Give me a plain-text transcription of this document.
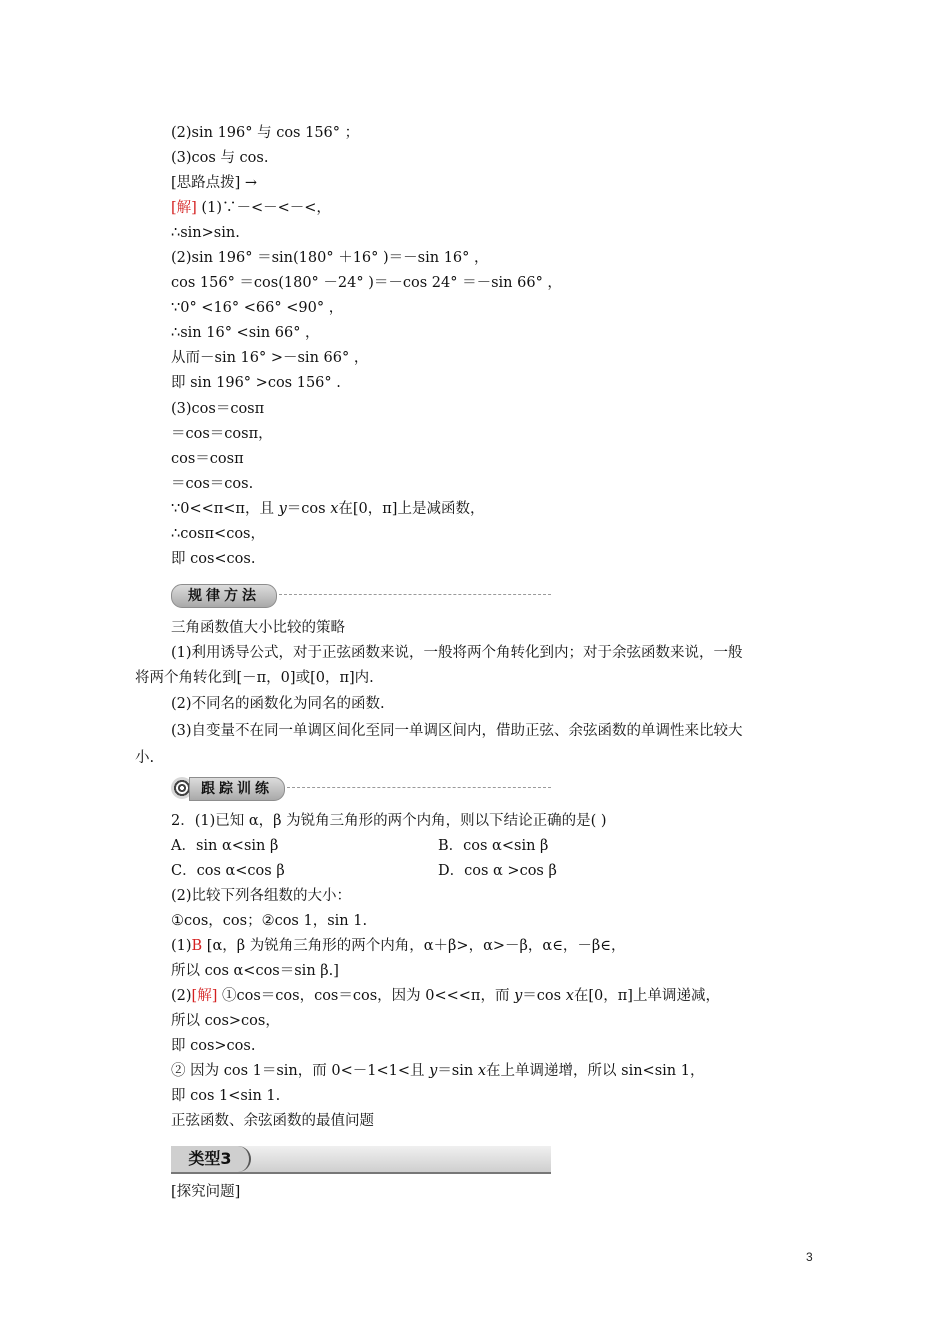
(2)sin 196° 与 cos 156° ；
(3)cos 与 cos.
[思路点拨] →
[解] (1)∵－<－<－<，
∴sin>sin.
(2)sin 196° ＝sin(180° ＋16° )＝－sin 16° ，
cos 156° ＝cos(180° －24° )＝－cos 24° ＝－sin 66° ，
∵0° <16° <66° <90° ，
∴sin 16° <sin 66° ，
从而－sin 16° >－sin 66° ，
即 sin 196° >cos 156° .
(3)cos＝cosπ
＝cos＝cosπ，
cos＝cosπ
＝cos＝cos.
∵0<<π<π，且 y＝cos x在[0，π]上是减函数，
∴cosπ<cos，
即 cos<cos.
规律方法
三角函数值大小比较的策略
(1)利用诱导公式，对于正弦函数来说，一般将两个角转化到内；对于余弦函数来说，一般
将两个角转化到[－π，0]或[0，π]内.
(2)不同名的函数化为同名的函数.
(3)自变量不在同一单调区间化至同一单调区间内，借助正弦、余弦函数的单调性来比较大
小.
跟踪训练
2．(1)已知 α，β 为锐角三角形的两个内角，则以下结论正确的是( )
A．sin α<sin β	B．cos α<sin β
C．cos α<cos β	D．cos α >cos β
(2)比较下列各组数的大小：
①cos，cos；②cos 1，sin 1.
(1)B [α，β 为锐角三角形的两个内角，α＋β>，α>－β，α∈，－β∈，
所以 cos α<cos＝sin β.]
(2)[解] ①cos＝cos，cos＝cos，因为 0<<<π，而 y＝cos x在[0，π]上单调递减，
所以 cos>cos，
即 cos>cos.
② 因为 cos 1＝sin，而 0<－1<1<且 y＝sin x在上单调递增，所以 sin<sin 1，
即 cos 1<sin 1.
正弦函数、余弦函数的最值问题
类型3
[探究问题]
3
